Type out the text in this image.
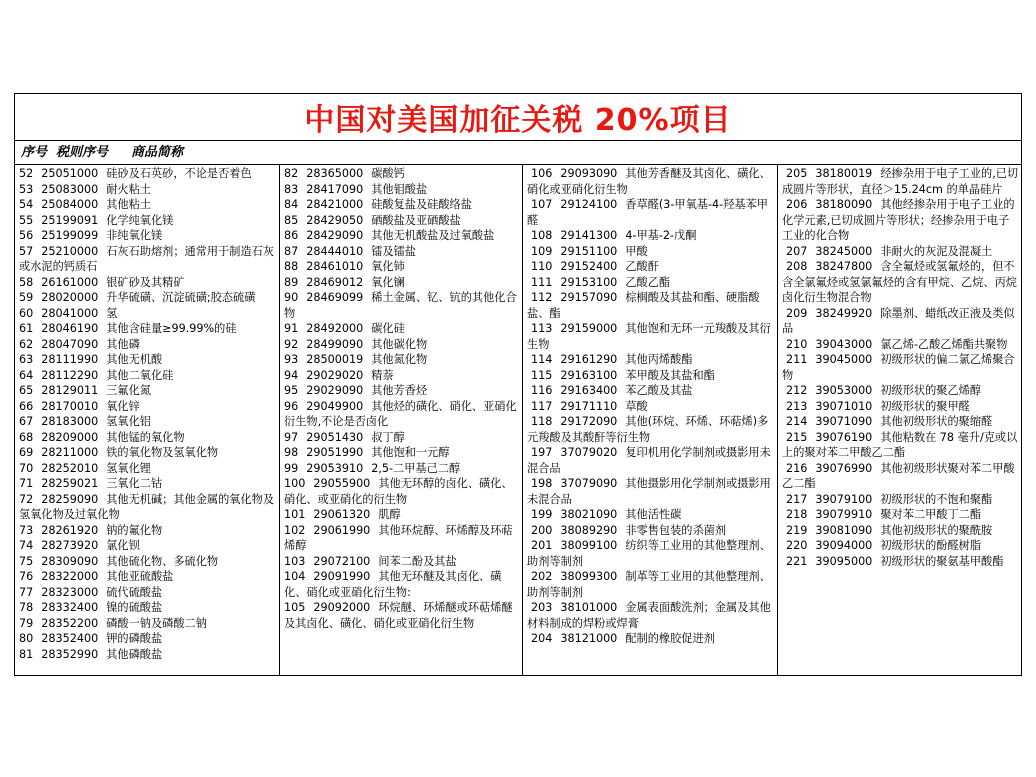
中国对美国加征关税 20%项目
序号 税则序号 商品简称
52 25051000 硅砂及石英砂，不论是否着色
53 25083000 耐火粘土
54 25084000 其他粘土
55 25199091 化学纯氧化镁
56 25199099 非纯氧化镁
57 25210000 石灰石助熔剂；通常用于制造石灰或水泥的钙质石
58 26161000 银矿砂及其精矿
59 28020000 升华硫磺、沉淀硫磺;胶态硫磺
60 28041000 氢
61 28046190 其他含硅量≥99.99%的硅
62 28047090 其他磷
63 28111990 其他无机酸
64 28112290 其他二氧化硅
65 28129011 三氟化氮
66 28170010 氧化锌
67 28183000 氢氧化铝
68 28209000 其他锰的氧化物
69 28211000 铁的氧化物及氢氧化物
70 28252010 氢氧化锂
71 28259021 三氧化二钴
72 28259090 其他无机碱；其他金属的氧化物及氢氧化物及过氧化物
73 28261920 钠的氟化物
74 28273920 氯化钡
75 28309090 其他硫化物、多硫化物
76 28322000 其他亚硫酸盐
77 28323000 硫代硫酸盐
78 28332400 镍的硫酸盐
79 28352200 磷酸一钠及磷酸二钠
80 28352400 钾的磷酸盐
81 28352990 其他磷酸盐
82 28365000 碳酸钙
83 28417090 其他钼酸盐
84 28421000 硅酸复盐及硅酸络盐
85 28429050 硒酸盐及亚硒酸盐
86 28429090 其他无机酸盐及过氧酸盐
87 28444010 镭及镭盐
88 28461010 氧化铈
89 28469012 氧化镧
90 28469099 稀土金属、钇、钪的其他化合物
91 28492000 碳化硅
92 28499090 其他碳化物
93 28500019 其他氮化物
94 29029020 精萘
95 29029090 其他芳香烃
96 29049900 其他烃的磺化、硝化、亚硝化衍生物,不论是否卤化
97 29051430 叔丁醇
98 29051990 其他饱和一元醇
99 29053910 2,5-二甲基己二醇
100 29055900 其他无环醇的卤化、磺化、硝化、或亚硝化的衍生物
101 29061320 肌醇
102 29061990 其他环烷醇、环烯醇及环萜烯醇
103 29072100 间苯二酚及其盐
104 29091990 其他无环醚及其卤化、磺化、硝化或亚硝化衍生物:
105 29092000 环烷醚、环烯醚或环萜烯醚及其卤化、磺化、硝化或亚硝化衍生物
106 29093090 其他芳香醚及其卤化、磺化、硝化或亚硝化衍生物
107 29124100 香草醛(3-甲氧基-4-羟基苯甲醛
108 29141300 4-甲基-2-戊酮
109 29151100 甲酸
110 29152400 乙酸酐
111 29153100 乙酸乙酯
112 29157090 棕榈酸及其盐和酯、硬脂酸盐、酯
113 29159000 其他饱和无环一元羧酸及其衍生物
114 29161290 其他丙烯酸酯
115 29163100 苯甲酸及其盐和酯
116 29163400 苯乙酸及其盐
117 29171110 草酸
118 29172090 其他(环烷、环烯、环萜烯)多元羧酸及其酸酐等衍生物
197 37079020 复印机用化学制剂或摄影用未混合品
198 37079090 其他摄影用化学制剂或摄影用未混合品
199 38021090 其他活性碳
200 38089290 非零售包装的杀菌剂
201 38099100 纺织等工业用的其他整理剂、助剂等制剂
202 38099300 制革等工业用的其他整理剂、助剂等制剂
203 38101000 金属表面酸洗剂；金属及其他材料制成的焊粉或焊膏
204 38121000 配制的橡胶促进剂
205 38180019 经掺杂用于电子工业的,已切成圆片等形状，直径＞15.24cm 的单晶硅片
206 38180090 其他经掺杂用于电子工业的化学元素,已切成圆片等形状；经掺杂用于电子工业的化合物
207 38245000 非耐火的灰泥及混凝土
208 38247800 含全氟烃或氢氟烃的，但不含全氯氟烃或氢氯氟烃的含有甲烷、乙烷、丙烷卤化衍生物混合物
209 38249920 除墨剂、蜡纸改正液及类似品
210 39043000 氯乙烯-乙酸乙烯酯共聚物
211 39045000 初级形状的偏二氯乙烯聚合物
212 39053000 初级形状的聚乙烯醇
213 39071010 初级形状的聚甲醛
214 39071090 其他初级形状的聚缩醛
215 39076190 其他粘数在 78 毫升/克或以上的聚对苯二甲酸乙二酯
216 39076990 其他初级形状聚对苯二甲酸乙二酯
217 39079100 初级形状的不饱和聚酯
218 39079910 聚对苯二甲酸丁二酯
219 39081090 其他初级形状的聚酰胺
220 39094000 初级形状的酚醛树脂
221 39095000 初级形状的聚氨基甲酸酯
